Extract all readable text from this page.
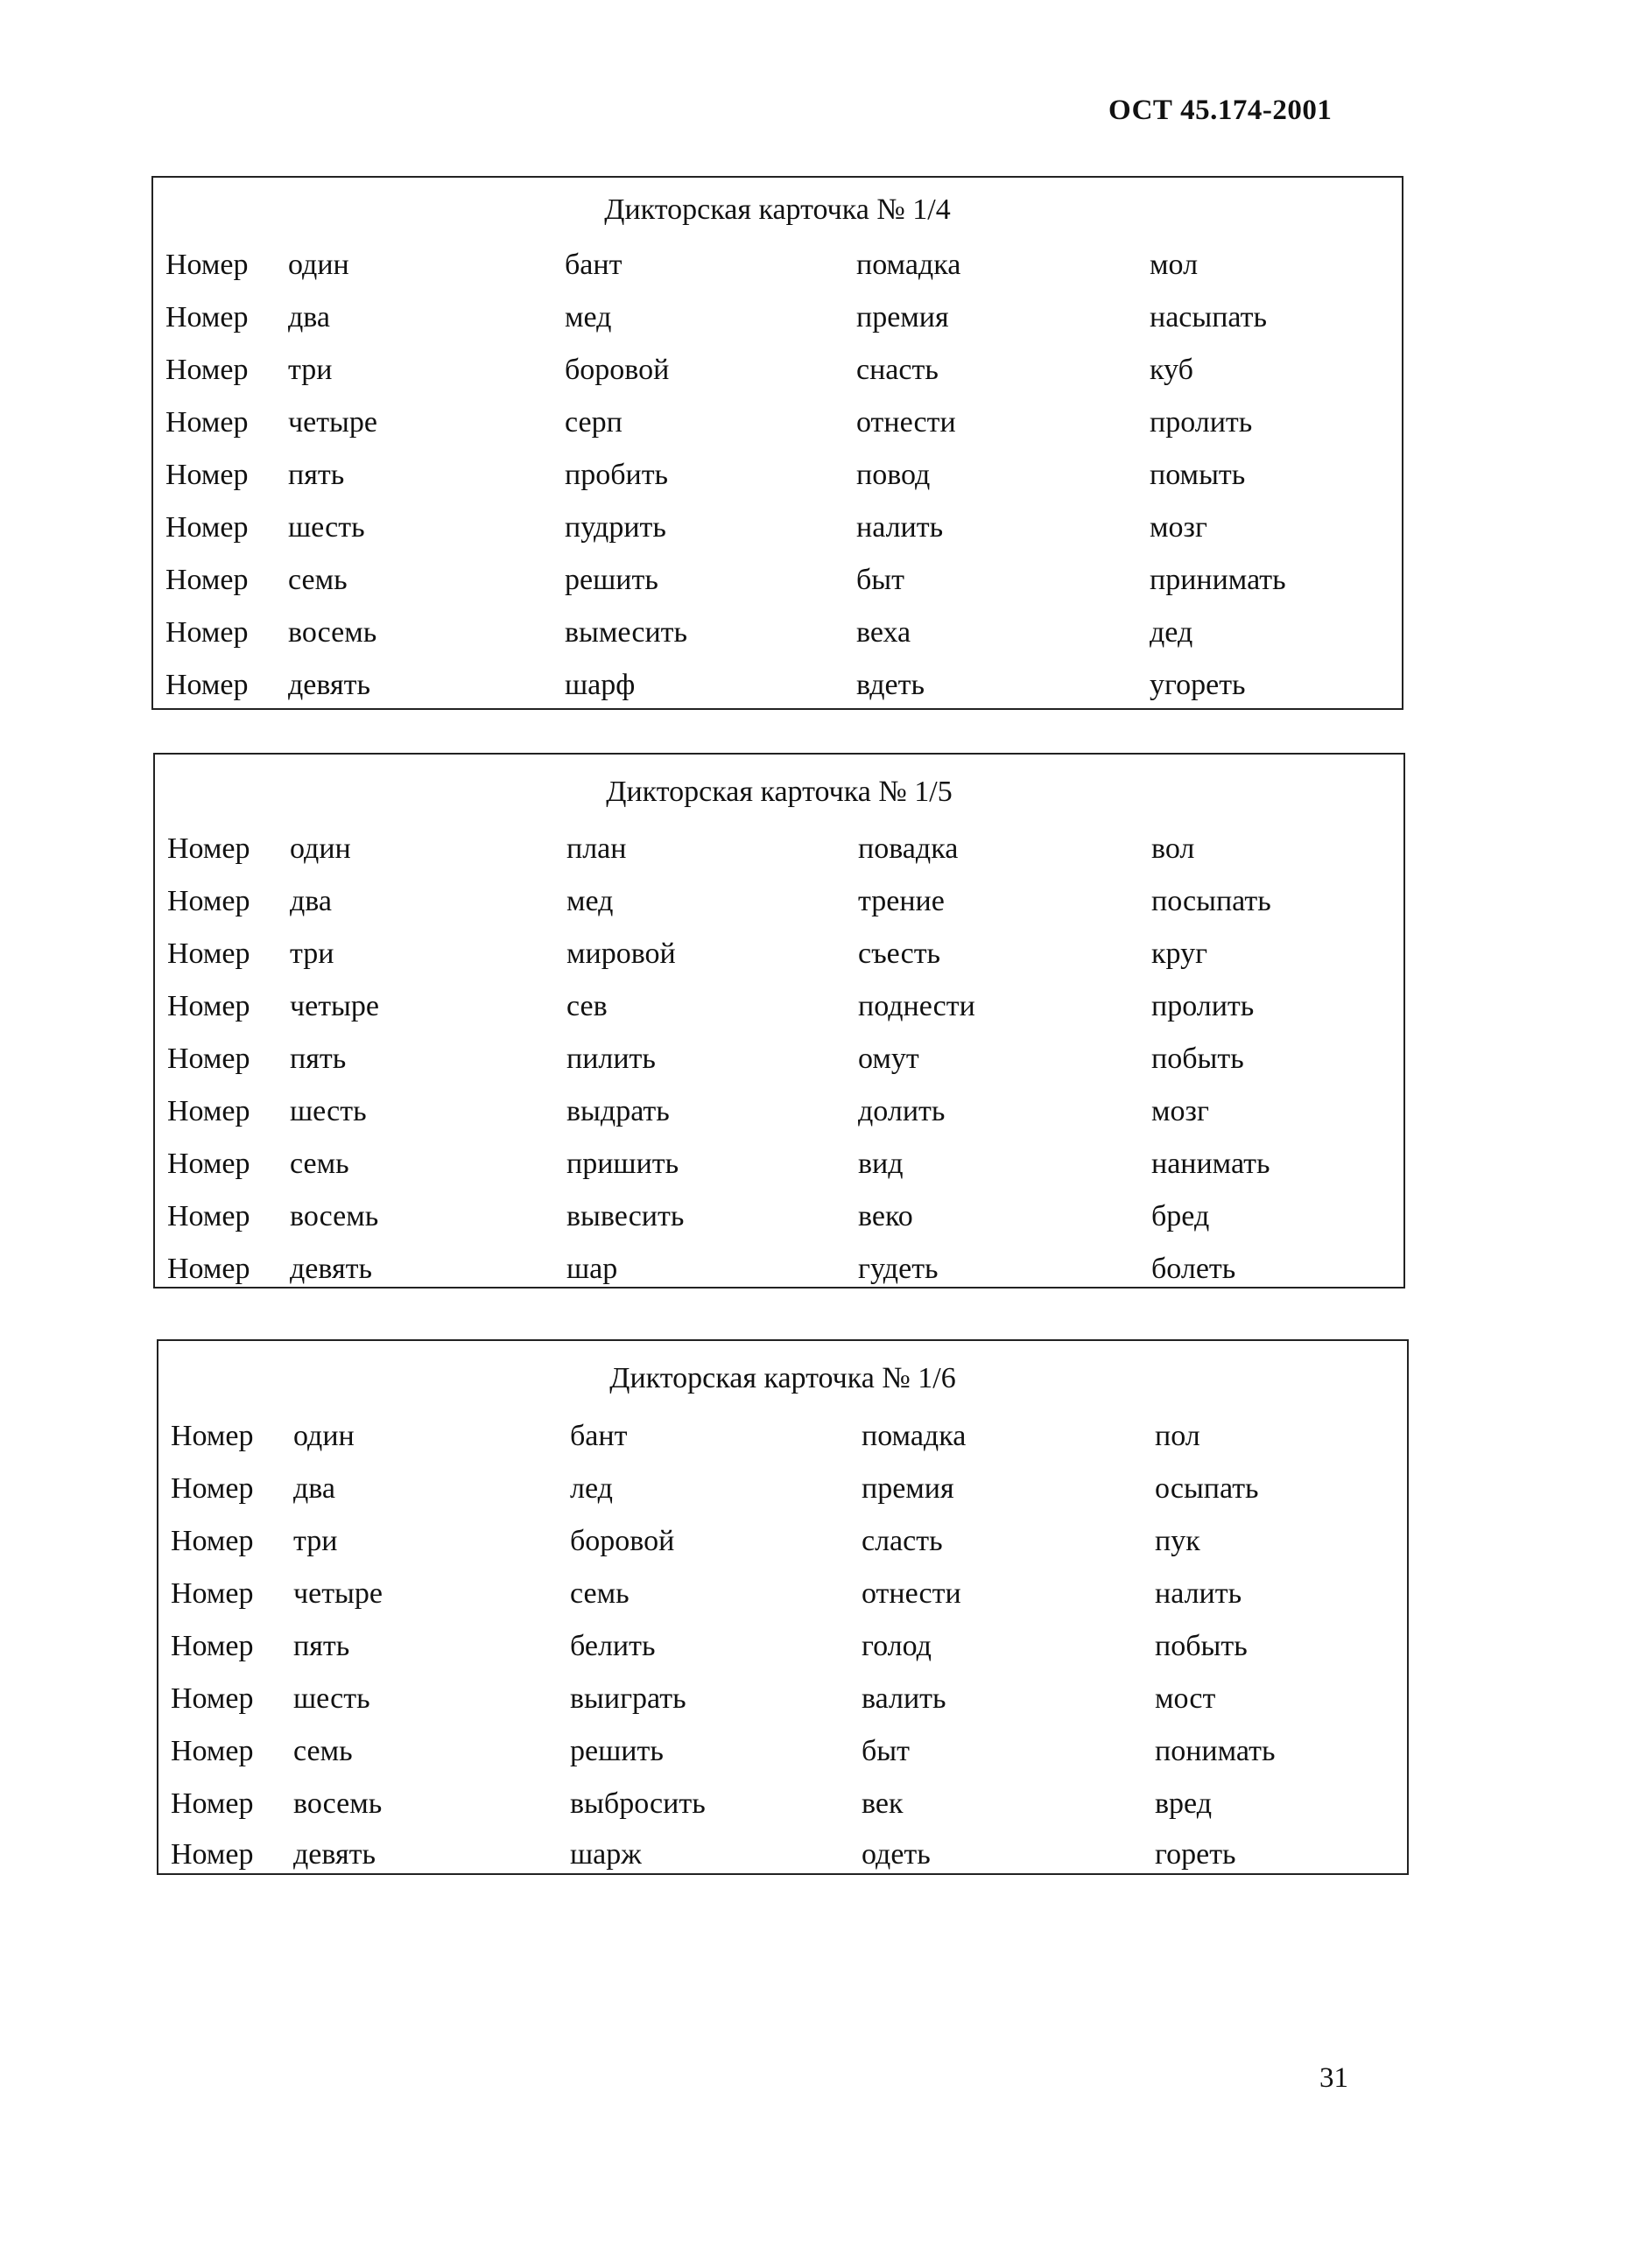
ОСТ 45.174-2001
Дикторская карточка № 1/4
Номер один	бант	помадка	мол
Номер два	мед	премия	насыпать
Номер три	боровой	снасть	куб
Номер четыре	серп	отнести	пролить
Номер пять	пробить	повод	помыть
Номер шесть	пудрить	налить	мозг
Номер семь	решить	быт	принимать
Номер восемь	вымесить	веха	дед
Номер девять	шарф	вдеть	угореть
Дикторская карточка № 1/5
Номер один	план	повадка	вол
Номер два	мед	трение	посыпать
Номер три	мировой	съесть	круг
Номер четыре	сев	поднести	пролить
Номер пять	пилить	омут	побыть
Номер шесть	выдрать	долить	мозг
Номер семь	пришить	вид	нанимать
Номер восемь	вывесить	веко	бред
Номер девять	шар	гудеть	болеть
Дикторская карточка № 1/6
Номер один	бант	помадка	пол
Номер два	лед	премия	осыпать
Номер три	боровой	сласть	пук
Номер четыре	семь	отнести	налить
Номер пять	белить	голод	побыть
Номер шесть	выиграть	валить	мост
Номер семь	решить	быт	понимать
Номер восемь	выбросить	век	вред
Номер девять	шарж	одеть	гореть
31
